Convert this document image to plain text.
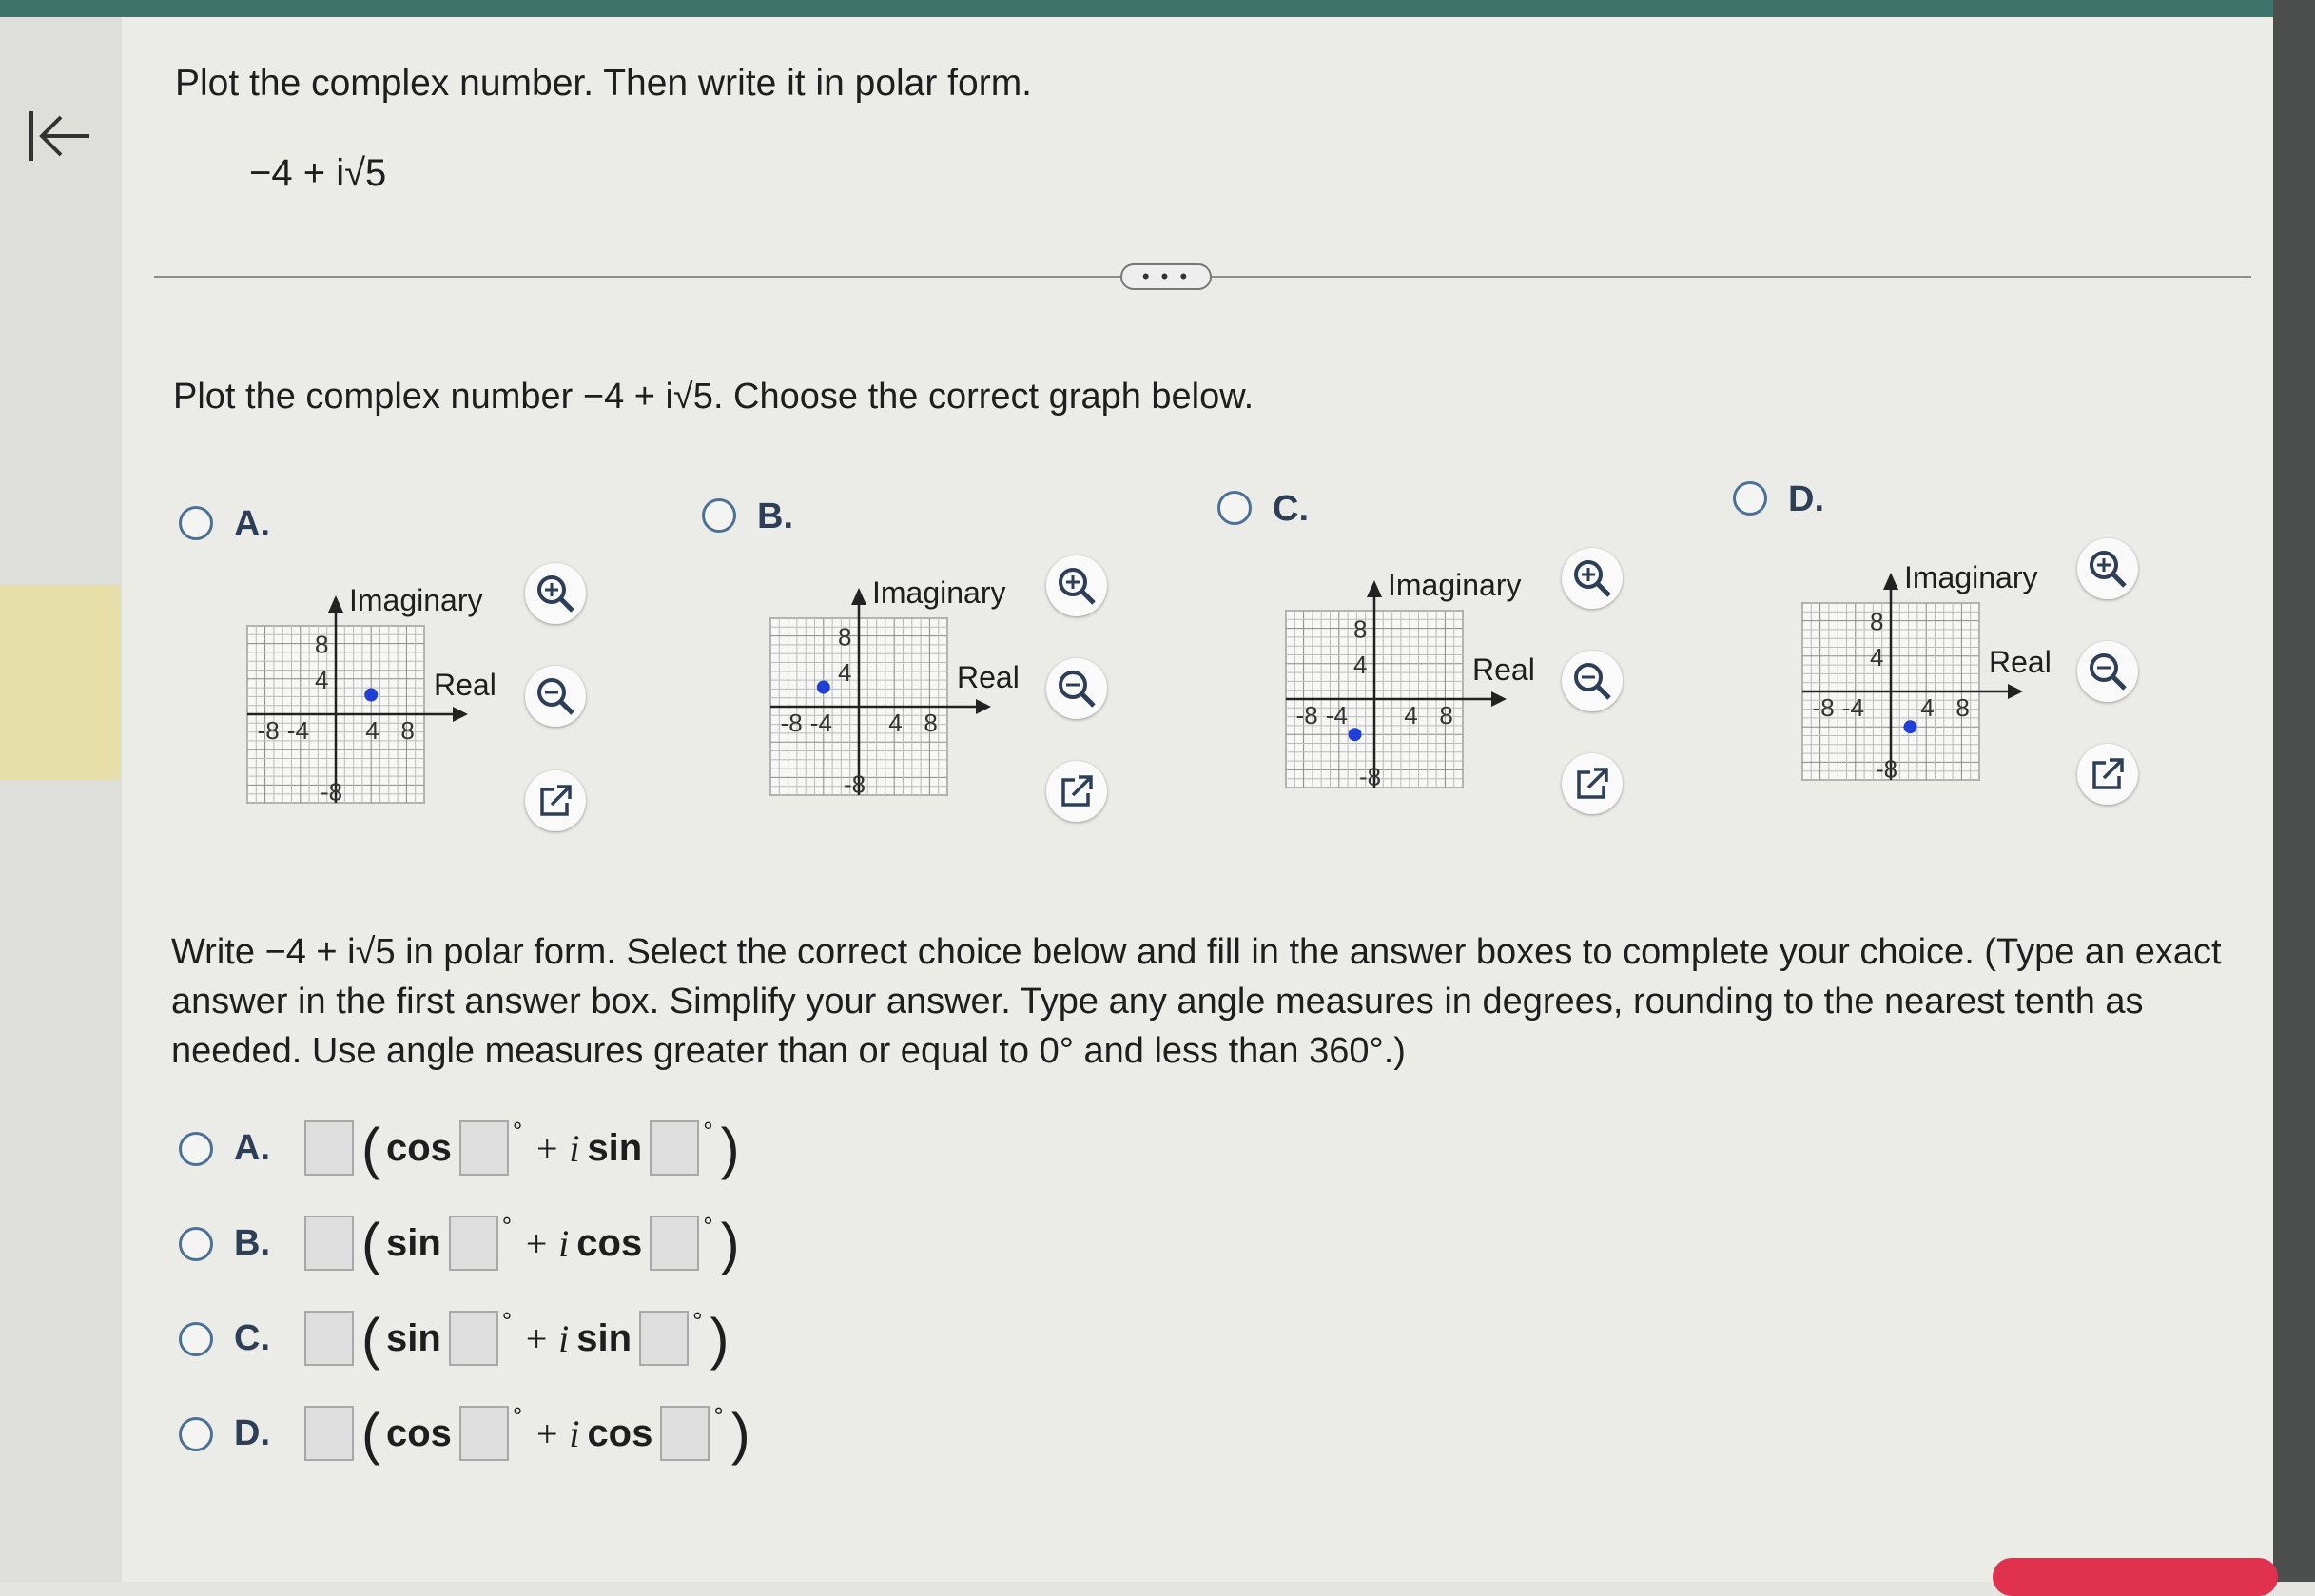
Plot the complex number. Then write it in polar form.
−4 + i√5
• • •
Plot the complex number −4 + i√5. Choose the correct graph below.
A.
Imaginary
Real
8
4
-8 -4 4 8
-8
B.
Imaginary
Real
8
4
-8 -4 4 8
-8
C.
Imaginary
Real
8
4
-8 -4 4 8
-8
D.
Imaginary
Real
8
4
-8 -4 4 8
-8
Write −4 + i√5 in polar form. Select the correct choice below and fill in the answer boxes to complete your choice. (Type an exact answer in the first answer box. Simplify your answer. Type any angle measures in degrees, rounding to the nearest tenth as needed. Use angle measures greater than or equal to 0° and less than 360°.)
A. ( cos ° + i sin ° )
B. ( sin ° + i cos ° )
C. ( sin ° + i sin ° )
D. ( cos ° + i cos ° )
